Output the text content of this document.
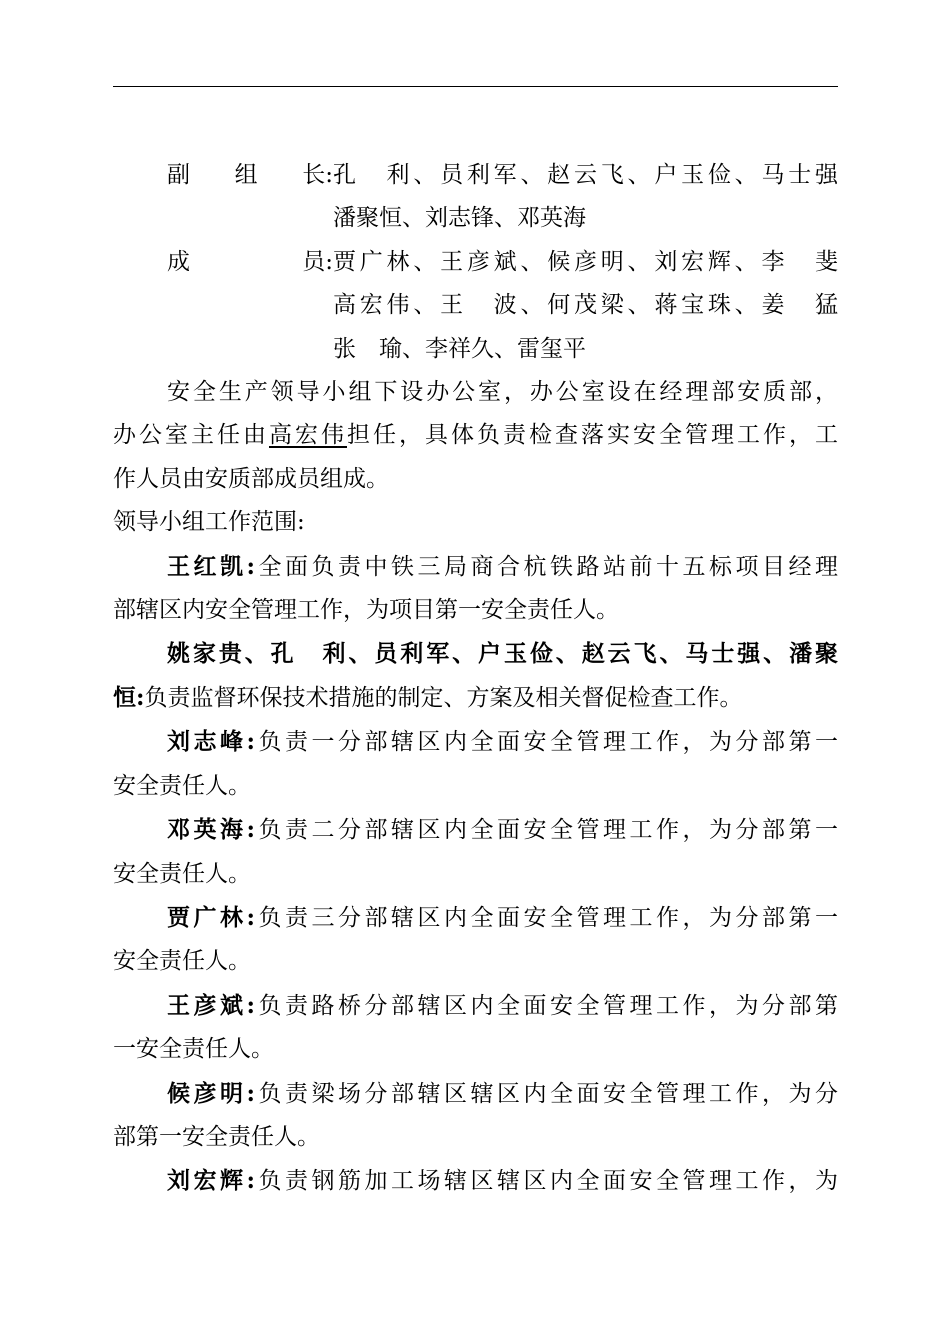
副 组 长: 孔　利、员利军、赵云飞、户玉俭、马士强
潘聚恒、刘志锋、邓英海
成	员: 贾广林、王彦斌、候彦明、刘宏辉、李　斐
高宏伟、王　波、何茂梁、蒋宝珠、姜　猛
张　瑜、李祥久、雷玺平
安全生产领导小组下设办公室，办公室设在经理部安质部，
办公室主任由高宏伟担任，具体负责检查落实安全管理工作，工
作人员由安质部成员组成。
领导小组工作范围:
王红凯:全面负责中铁三局商合杭铁路站前十五标项目经理
部辖区内安全管理工作，为项目第一安全责任人。
姚家贵、孔　利、员利军、户玉俭、赵云飞、马士强、潘聚
恒:负责监督环保技术措施的制定、方案及相关督促检查工作。
刘志峰:负责一分部辖区内全面安全管理工作，为分部第一
安全责任人。
邓英海:负责二分部辖区内全面安全管理工作，为分部第一
安全责任人。
贾广林:负责三分部辖区内全面安全管理工作，为分部第一
安全责任人。
王彦斌:负责路桥分部辖区内全面安全管理工作，为分部第
一安全责任人。
候彦明:负责梁场分部辖区辖区内全面安全管理工作，为分
部第一安全责任人。
刘宏辉:负责钢筋加工场辖区辖区内全面安全管理工作，为
